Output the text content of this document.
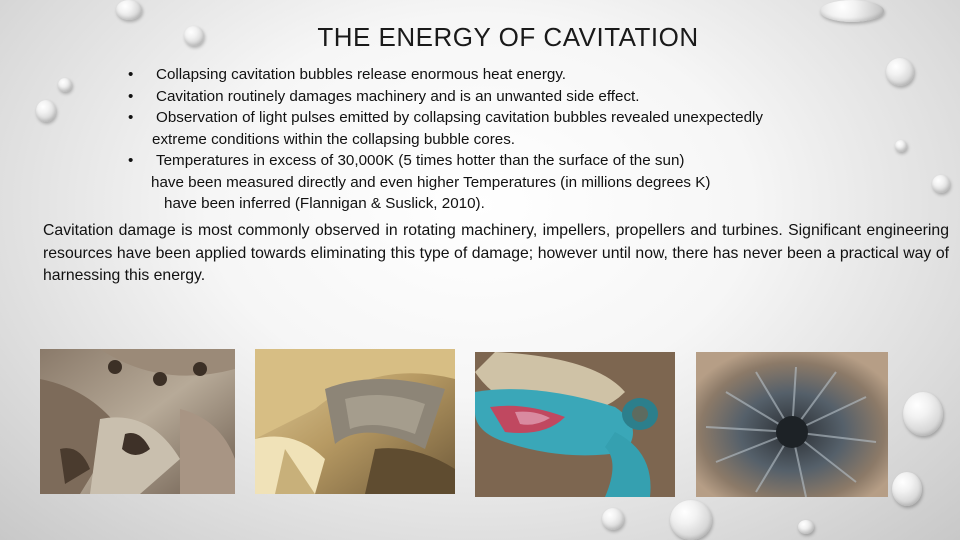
THE ENERGY OF CAVITATION
• Collapsing cavitation bubbles release enormous heat energy.
• Cavitation routinely damages machinery and is an unwanted side effect.
• Observation of light pulses emitted by collapsing cavitation bubbles revealed unexpectedly
extreme conditions within the collapsing bubble cores.
• Temperatures in excess of 30,000K (5 times hotter than the surface of the sun)
have been measured directly and even higher Temperatures (in millions degrees K)
have been inferred (Flannigan & Suslick, 2010).

Cavitation damage is most commonly observed in rotating machinery, impellers, propellers and turbines. Significant engineering resources have been applied towards eliminating this type of damage; however until now, there has never been a practical way of harnessing this energy.
